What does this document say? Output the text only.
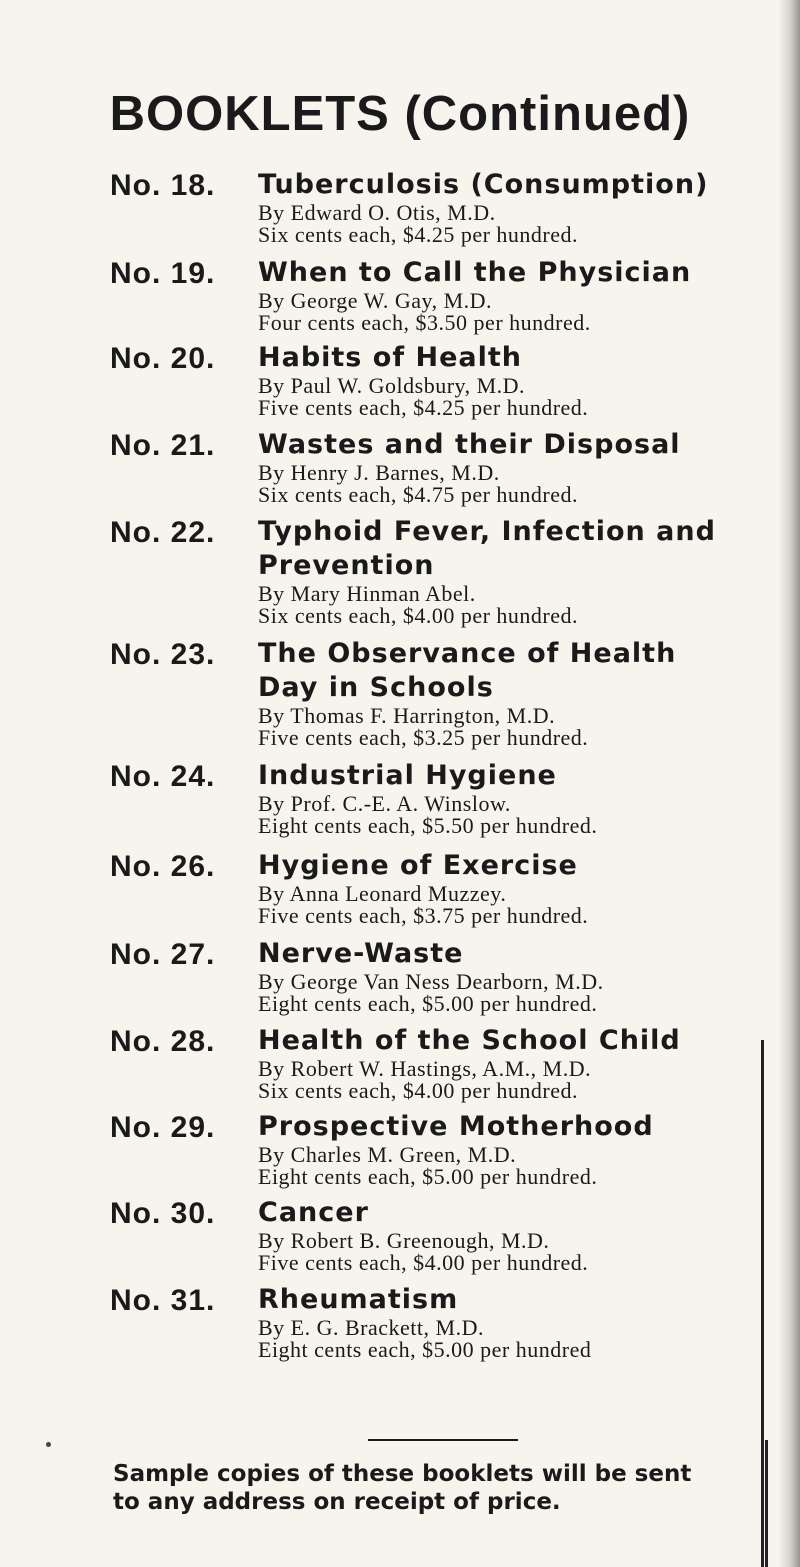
BOOKLETS (Continued)
No. 18. Tuberculosis (Consumption)
By Edward O. Otis, M.D.
Six cents each, $4.25 per hundred.
No. 19. When to Call the Physician
By George W. Gay, M.D.
Four cents each, $3.50 per hundred.
No. 20. Habits of Health
By Paul W. Goldsbury, M.D.
Five cents each, $4.25 per hundred.
No. 21. Wastes and their Disposal
By Henry J. Barnes, M.D.
Six cents each, $4.75 per hundred.
No. 22. Typhoid Fever, Infection and
Prevention
By Mary Hinman Abel.
Six cents each, $4.00 per hundred.
No. 23. The Observance of Health
Day in Schools
By Thomas F. Harrington, M.D.
Five cents each, $3.25 per hundred.
No. 24. Industrial Hygiene
By Prof. C.-E. A. Winslow.
Eight cents each, $5.50 per hundred.
No. 26. Hygiene of Exercise
By Anna Leonard Muzzey.
Five cents each, $3.75 per hundred.
No. 27. Nerve-Waste
By George Van Ness Dearborn, M.D.
Eight cents each, $5.00 per hundred.
No. 28. Health of the School Child
By Robert W. Hastings, A.M., M.D.
Six cents each, $4.00 per hundred.
No. 29. Prospective Motherhood
By Charles M. Green, M.D.
Eight cents each, $5.00 per hundred.
No. 30. Cancer
By Robert B. Greenough, M.D.
Five cents each, $4.00 per hundred.
No. 31. Rheumatism
By E. G. Brackett, M.D.
Eight cents each, $5.00 per hundred
Sample copies of these booklets will be sent
to any address on receipt of price.
